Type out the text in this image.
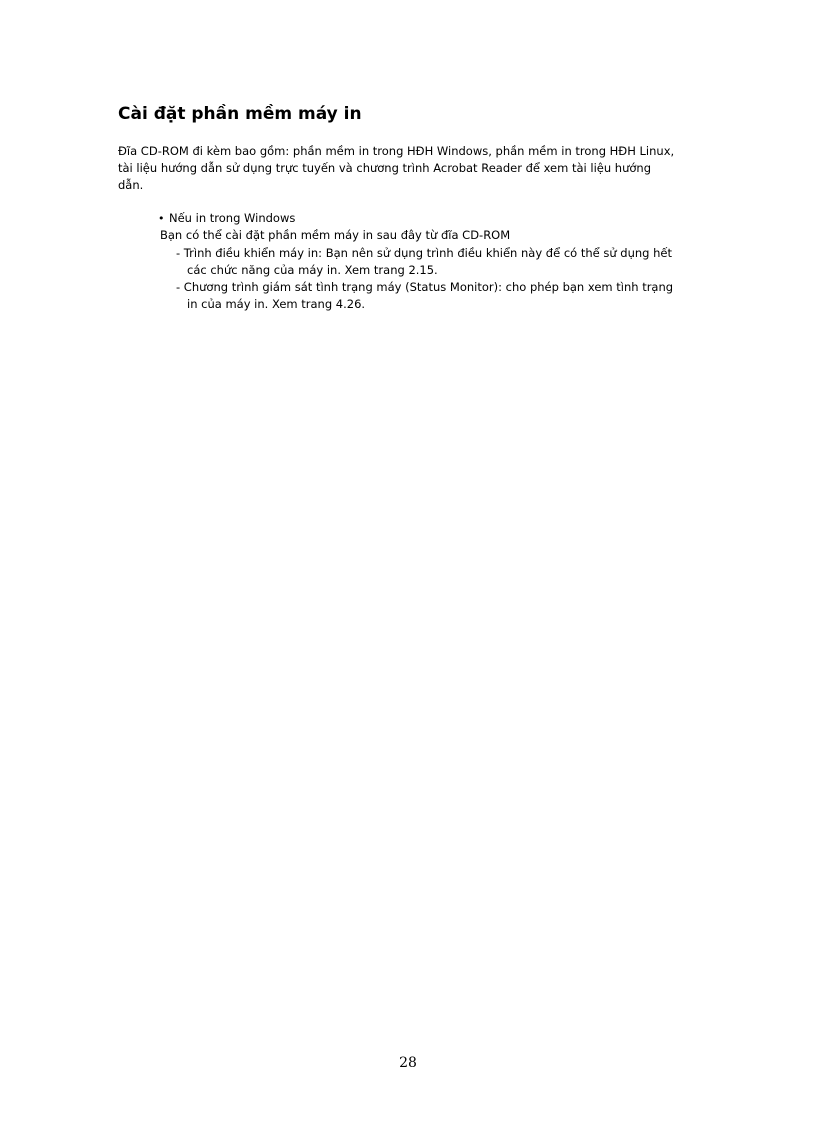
Cài đặt phần mềm máy in

Đĩa CD-ROM đi kèm bao gồm: phần mềm in trong HĐH Windows, phần mềm in trong HĐH Linux,
tài liệu hướng dẫn sử dụng trực tuyến và chương trình Acrobat Reader để xem tài liệu hướng
dẫn.

• Nếu in trong Windows
Bạn có thể cài đặt phần mềm máy in sau đây từ đĩa CD-ROM
- Trình điều khiển máy in: Bạn nên sử dụng trình điều khiển này để có thể sử dụng hết
các chức năng của máy in. Xem trang 2.15.
- Chương trình giám sát tình trạng máy (Status Monitor): cho phép bạn xem tình trạng
in của máy in. Xem trang 4.26.
28
